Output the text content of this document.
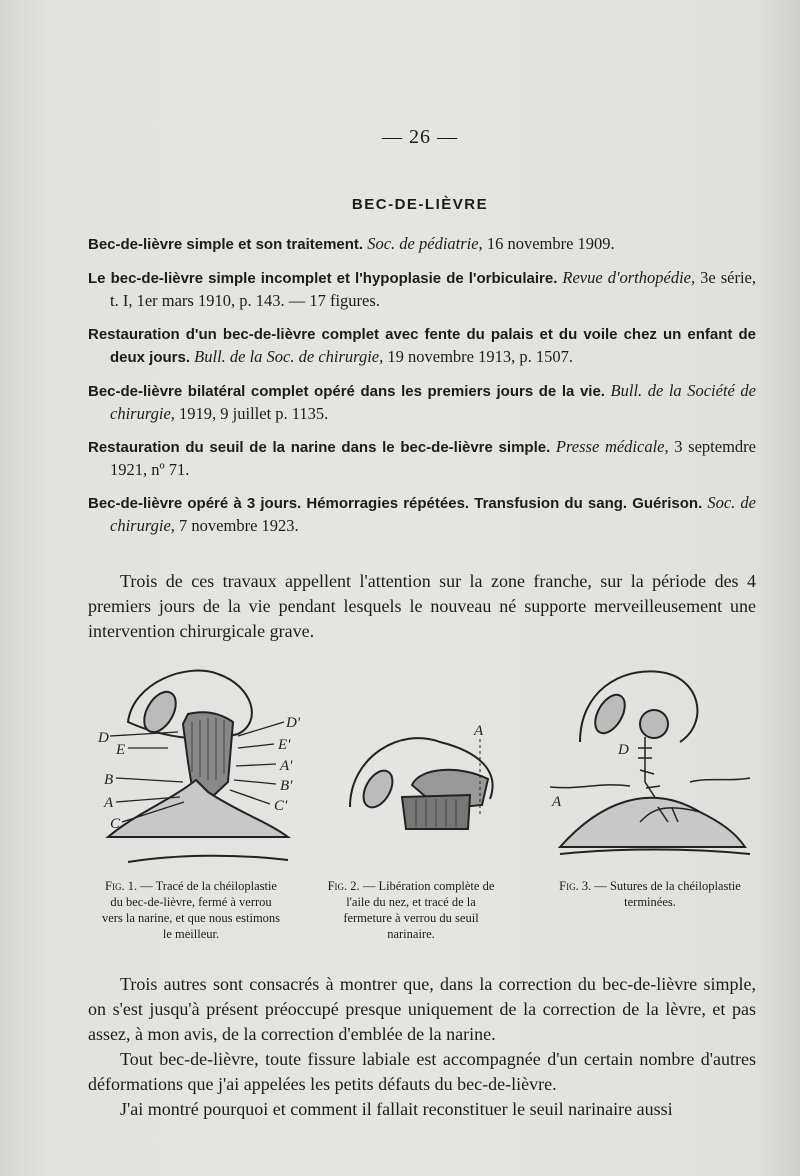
— 26 —
BEC-DE-LIÈVRE
Bec-de-lièvre simple et son traitement. Soc. de pédiatrie, 16 novembre 1909.
Le bec-de-lièvre simple incomplet et l'hypoplasie de l'orbiculaire. Revue d'orthopédie, 3e série, t. I, 1er mars 1910, p. 143. — 17 figures.
Restauration d'un bec-de-lièvre complet avec fente du palais et du voile chez un enfant de deux jours. Bull. de la Soc. de chirurgie, 19 novembre 1913, p. 1507.
Bec-de-lièvre bilatéral complet opéré dans les premiers jours de la vie. Bull. de la Société de chirurgie, 1919, 9 juillet p. 1135.
Restauration du seuil de la narine dans le bec-de-lièvre simple. Presse médicale, 3 septemdre 1921, nº 71.
Bec-de-lièvre opéré à 3 jours. Hémorragies répétées. Transfusion du sang. Guérison. Soc. de chirurgie, 7 novembre 1923.

Trois de ces travaux appellent l'attention sur la zone franche, sur la période des 4 premiers jours de la vie pendant lesquels le nouveau né supporte merveilleusement une intervention chirurgicale grave.

D
E
B
A
C
D'
E'
A'
B'
C'
A
D
A
Fig. 1. — Tracé de la chéiloplastie du bec-de-lièvre, fermé à verrou vers la narine, et que nous estimons le meilleur.
Fig. 2. — Libération complète de l'aile du nez, et tracé de la fermeture à verrou du seuil narinaire.
Fig. 3. — Sutures de la chéiloplastie terminées.

Trois autres sont consacrés à montrer que, dans la correction du bec-de-lièvre simple, on s'est jusqu'à présent préoccupé presque uniquement de la correction de la lèvre, et pas assez, à mon avis, de la correction d'emblée de la narine.

Tout bec-de-lièvre, toute fissure labiale est accompagnée d'un certain nombre d'autres déformations que j'ai appelées les petits défauts du bec-de-lièvre.

J'ai montré pourquoi et comment il fallait reconstituer le seuil narinaire aussi
